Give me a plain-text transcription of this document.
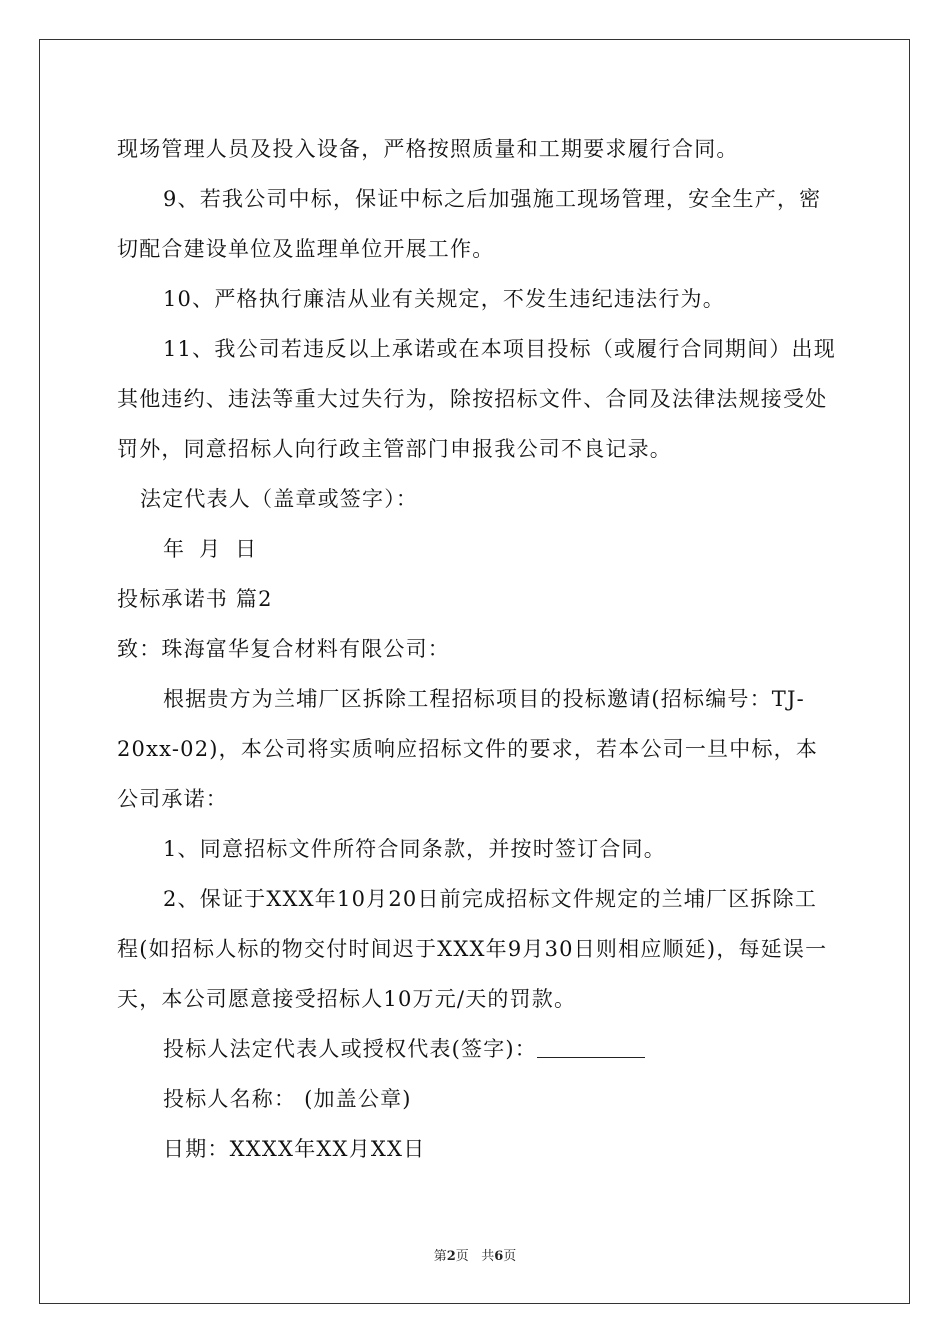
现场管理人员及投入设备，严格按照质量和工期要求履行合同。

9、若我公司中标，保证中标之后加强施工现场管理，安全生产，密切配合建设单位及监理单位开展工作。

10、严格执行廉洁从业有关规定，不发生违纪违法行为。

11、我公司若违反以上承诺或在本项目投标（或履行合同期间）出现其他违约、违法等重大过失行为，除按招标文件、合同及法律法规接受处罚外，同意招标人向行政主管部门申报我公司不良记录。

法定代表人（盖章或签字）：

年 月 日

投标承诺书 篇2

致：珠海富华复合材料有限公司：

根据贵方为兰埔厂区拆除工程招标项目的投标邀请(招标编号：TJ-20xx-02)，本公司将实质响应招标文件的要求，若本公司一旦中标，本公司承诺：

1、同意招标文件所符合同条款，并按时签订合同。

2、保证于XXX年10月20日前完成招标文件规定的兰埔厂区拆除工程(如招标人标的物交付时间迟于XXX年9月30日则相应顺延)，每延误一天，本公司愿意接受招标人10万元/天的罚款。

投标人法定代表人或授权代表(签字)：

投标人名称： (加盖公章)

日期：XXXX年XX月XX日

第2页 共6页
